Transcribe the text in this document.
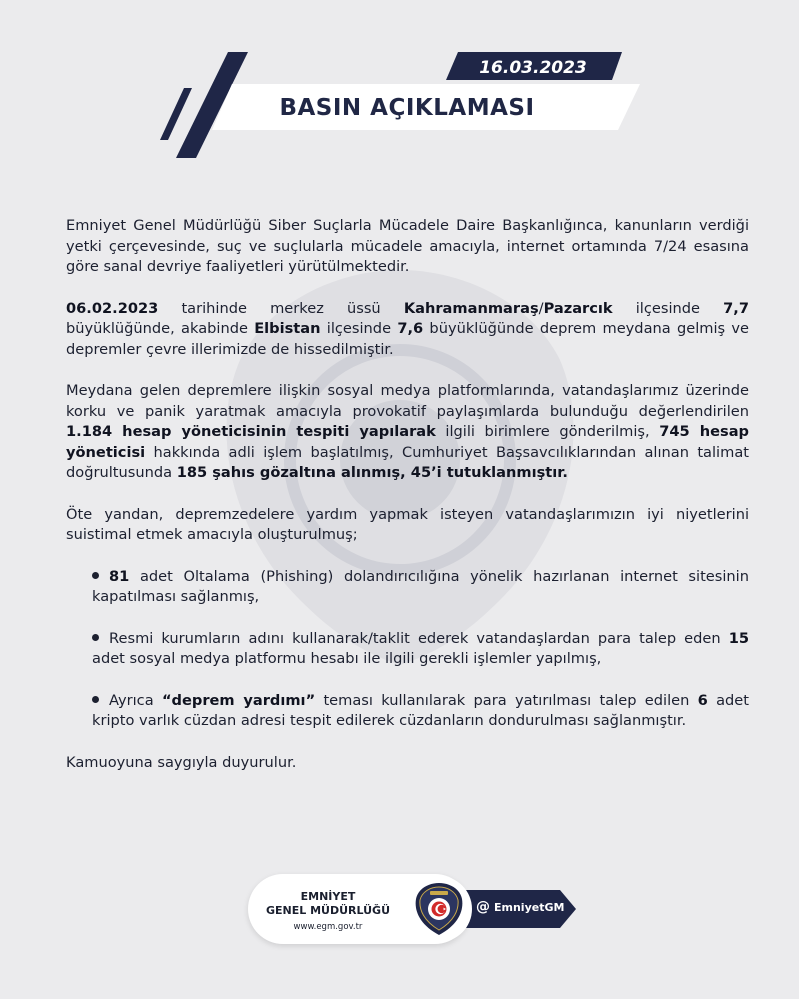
16.03.2023
BASIN AÇIKLAMASI

Emniyet Genel Müdürlüğü Siber Suçlarla Mücadele Daire Başkanlığınca, kanunların verdiği yetki çerçevesinde, suç ve suçlularla mücadele amacıyla, internet ortamında 7/24 esasına göre sanal devriye faaliyetleri yürütülmektedir.

06.02.2023 tarihinde merkez üssü Kahramanmaraş/Pazarcık ilçesinde 7,7 büyüklüğünde, akabinde Elbistan ilçesinde 7,6 büyüklüğünde deprem meydana gelmiş ve depremler çevre illerimizde de hissedilmiştir.

Meydana gelen depremlere ilişkin sosyal medya platformlarında, vatandaşlarımız üzerinde korku ve panik yaratmak amacıyla provokatif paylaşımlarda bulunduğu değerlendirilen 1.184 hesap yöneticisinin tespiti yapılarak ilgili birimlere gönderilmiş, 745 hesap yöneticisi hakkında adli işlem başlatılmış, Cumhuriyet Başsavcılıklarından alınan talimat doğrultusunda 185 şahıs gözaltına alınmış, 45’i tutuklanmıştır.

Öte yandan, depremzedelere yardım yapmak isteyen vatandaşlarımızın iyi niyetlerini suistimal etmek amacıyla oluşturulmuş;

81 adet Oltalama (Phishing) dolandırıcılığına yönelik hazırlanan internet sitesinin kapatılması sağlanmış,

Resmi kurumların adını kullanarak/taklit ederek vatandaşlardan para talep eden 15 adet sosyal medya platformu hesabı ile ilgili gerekli işlemler yapılmış,

Ayrıca “deprem yardımı” teması kullanılarak para yatırılması talep edilen 6 adet kripto varlık cüzdan adresi tespit edilerek cüzdanların dondurulması sağlanmıştır.

Kamuoyuna saygıyla duyurulur.

EMNİYET
GENEL MÜDÜRLÜĞÜ
www.egm.gov.tr
@ EmniyetGM
